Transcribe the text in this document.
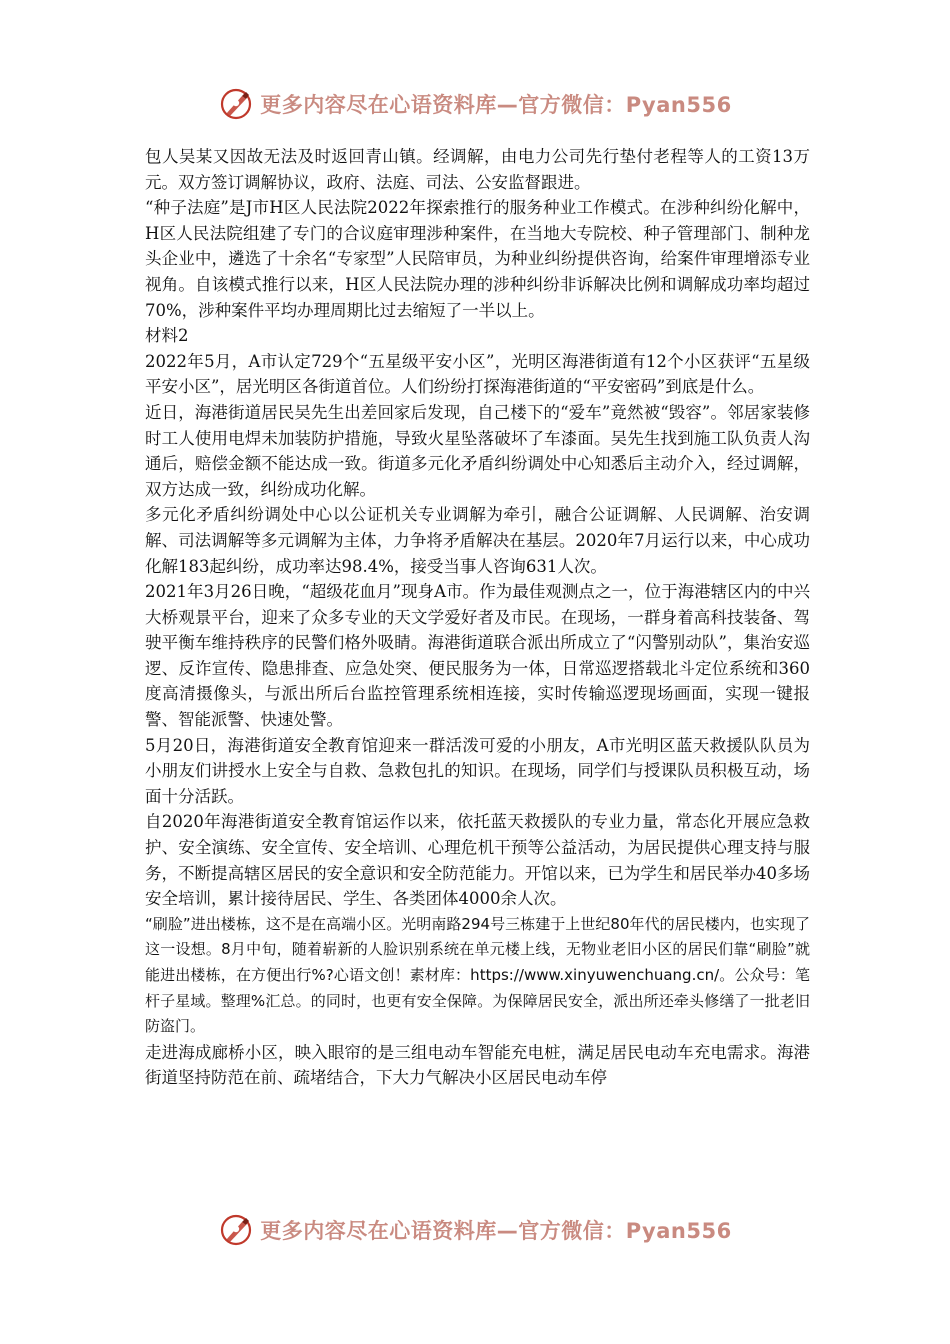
更多内容尽在心语资料库—官方微信：Pyan556

包人吴某又因故无法及时返回青山镇。经调解，由电力公司先行垫付老程等人的工资13万元。双方签订调解协议，政府、法庭、司法、公安监督跟进。

“种子法庭”是J市H区人民法院2022年探索推行的服务种业工作模式。在涉种纠纷化解中，H区人民法院组建了专门的合议庭审理涉种案件，在当地大专院校、种子管理部门、制种龙头企业中，遴选了十余名“专家型”人民陪审员，为种业纠纷提供咨询，给案件审理增添专业视角。自该模式推行以来，H区人民法院办理的涉种纠纷非诉解决比例和调解成功率均超过70%，涉种案件平均办理周期比过去缩短了一半以上。

材料2

2022年5月，A市认定729个“五星级平安小区”，光明区海港街道有12个小区获评“五星级平安小区”，居光明区各街道首位。人们纷纷打探海港街道的“平安密码”到底是什么。

近日，海港街道居民吴先生出差回家后发现，自己楼下的“爱车”竟然被“毁容”。邻居家装修时工人使用电焊未加装防护措施，导致火星坠落破坏了车漆面。吴先生找到施工队负责人沟通后，赔偿金额不能达成一致。街道多元化矛盾纠纷调处中心知悉后主动介入，经过调解，双方达成一致，纠纷成功化解。

多元化矛盾纠纷调处中心以公证机关专业调解为牵引，融合公证调解、人民调解、治安调解、司法调解等多元调解为主体，力争将矛盾解决在基层。2020年7月运行以来，中心成功化解183起纠纷，成功率达98.4%，接受当事人咨询631人次。

2021年3月26日晚，“超级花血月”现身A市。作为最佳观测点之一，位于海港辖区内的中兴大桥观景平台，迎来了众多专业的天文学爱好者及市民。在现场，一群身着高科技装备、驾驶平衡车维持秩序的民警们格外吸睛。海港街道联合派出所成立了“闪警别动队”，集治安巡逻、反诈宣传、隐患排查、应急处突、便民服务为一体，日常巡逻搭载北斗定位系统和360度高清摄像头，与派出所后台监控管理系统相连接，实时传输巡逻现场画面，实现一键报警、智能派警、快速处警。

5月20日，海港街道安全教育馆迎来一群活泼可爱的小朋友，A市光明区蓝天救援队队员为小朋友们讲授水上安全与自救、急救包扎的知识。在现场，同学们与授课队员积极互动，场面十分活跃。

自2020年海港街道安全教育馆运作以来，依托蓝天救援队的专业力量，常态化开展应急救护、安全演练、安全宣传、安全培训、心理危机干预等公益活动，为居民提供心理支持与服务，不断提高辖区居民的安全意识和安全防范能力。开馆以来，已为学生和居民举办40多场安全培训，累计接待居民、学生、各类团体4000余人次。

“刷脸”进出楼栋，这不是在高端小区。光明南路294号三栋建于上世纪80年代的居民楼内，也实现了这一设想。8月中旬，随着崭新的人脸识别系统在单元楼上线，无物业老旧小区的居民们靠“刷脸”就能进出楼栋，在方便出行%?心语文创！素材库：https://www.xinyuwenchuang.cn/。公众号：笔杆子星域。整理%汇总。的同时，也更有安全保障。为保障居民安全，派出所还牵头修缮了一批老旧防盗门。

走进海成廊桥小区，映入眼帘的是三组电动车智能充电桩，满足居民电动车充电需求。海港街道坚持防范在前、疏堵结合，下大力气解决小区居民电动车停

更多内容尽在心语资料库—官方微信：Pyan556
